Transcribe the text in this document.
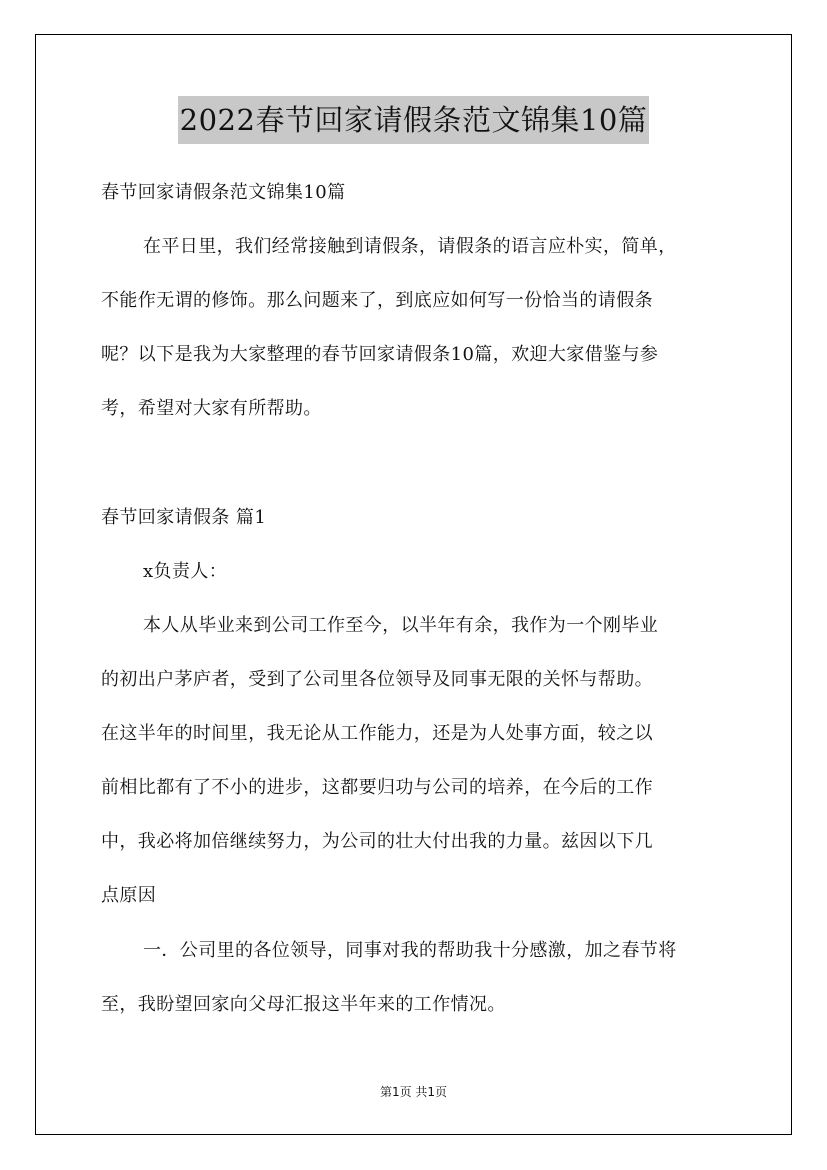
2022春节回家请假条范文锦集10篇

春节回家请假条范文锦集10篇

在平日里，我们经常接触到请假条，请假条的语言应朴实，简单，
不能作无谓的修饰。那么问题来了，到底应如何写一份恰当的请假条
呢？以下是我为大家整理的春节回家请假条10篇，欢迎大家借鉴与参
考，希望对大家有所帮助。

春节回家请假条 篇1

x负责人：

本人从毕业来到公司工作至今，以半年有余，我作为一个刚毕业
的初出户茅庐者，受到了公司里各位领导及同事无限的关怀与帮助。
在这半年的时间里，我无论从工作能力，还是为人处事方面，较之以
前相比都有了不小的进步，这都要归功与公司的培养，在今后的工作
中，我必将加倍继续努力，为公司的壮大付出我的力量。兹因以下几
点原因

一．公司里的各位领导，同事对我的帮助我十分感激，加之春节将
至，我盼望回家向父母汇报这半年来的工作情况。

第1页 共1页
